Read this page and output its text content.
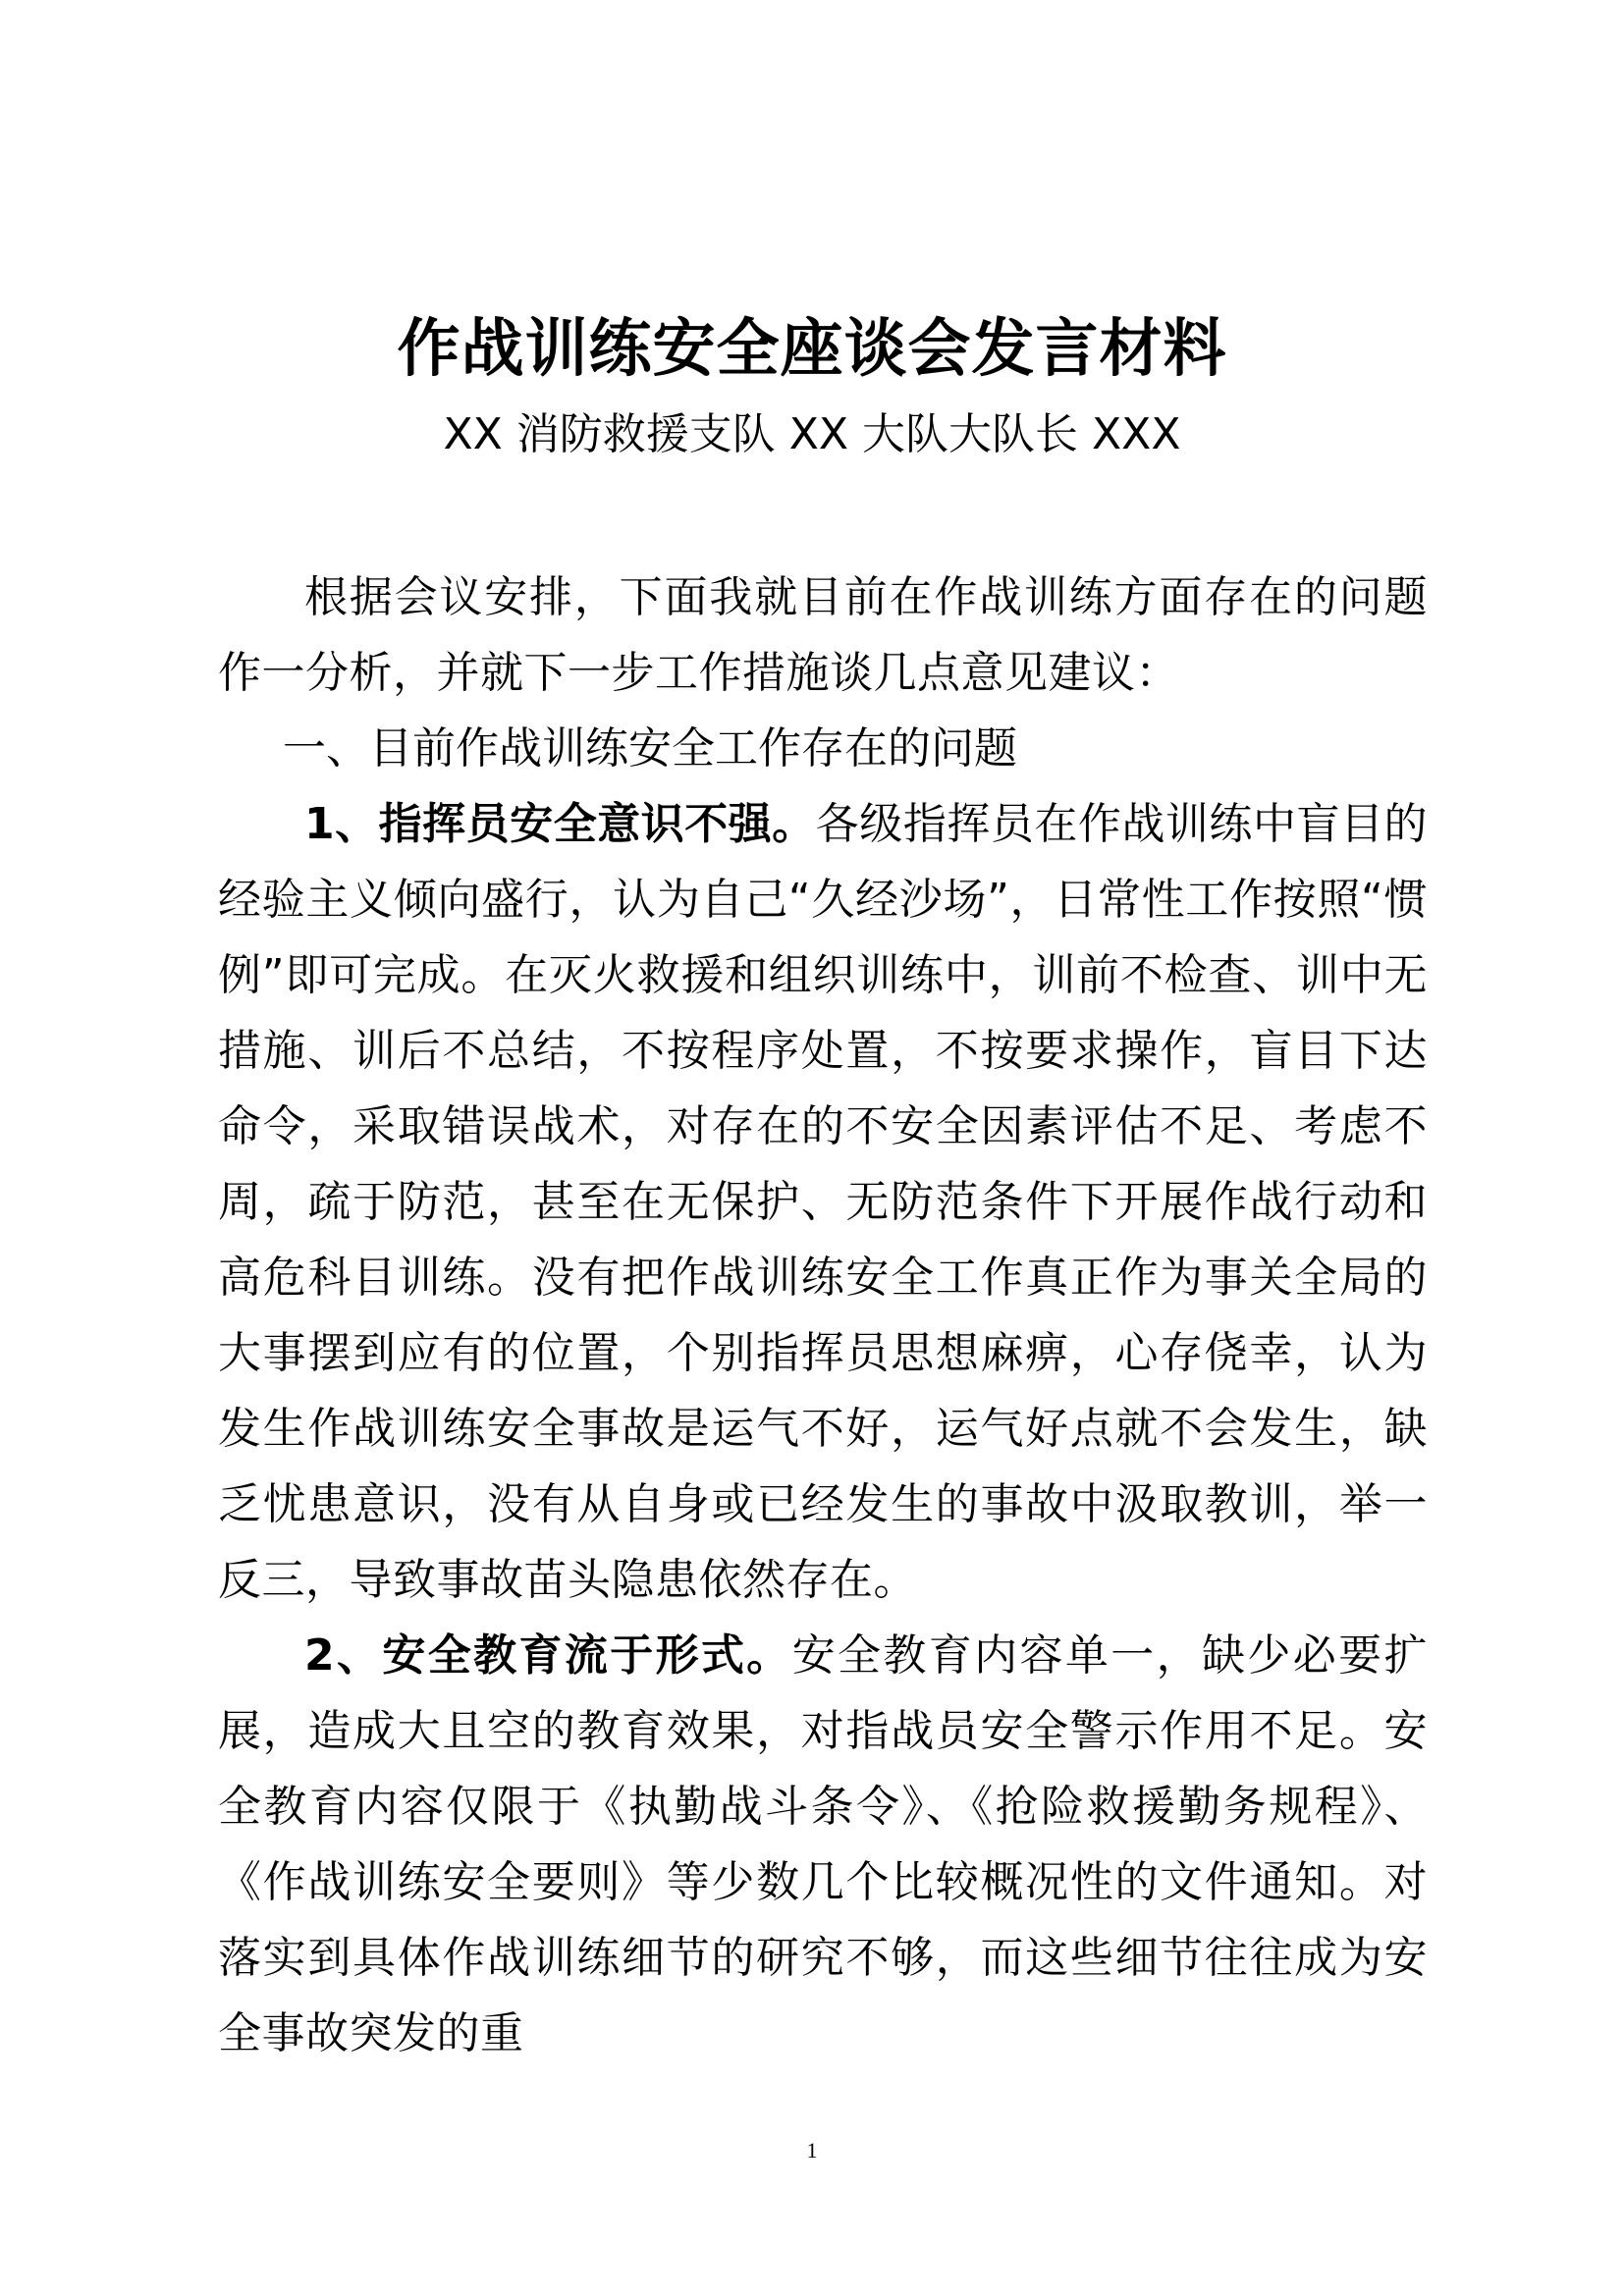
作战训练安全座谈会发言材料

XX 消防救援支队 XX 大队大队长 XXX

根据会议安排，下面我就目前在作战训练方面存在的问题作一分析，并就下一步工作措施谈几点意见建议：

一、目前作战训练安全工作存在的问题

1、指挥员安全意识不强。各级指挥员在作战训练中盲目的经验主义倾向盛行，认为自己“久经沙场”，日常性工作按照“惯例”即可完成。在灭火救援和组织训练中，训前不检查、训中无措施、训后不总结，不按程序处置，不按要求操作，盲目下达命令，采取错误战术，对存在的不安全因素评估不足、考虑不周，疏于防范，甚至在无保护、无防范条件下开展作战行动和高危科目训练。没有把作战训练安全工作真正作为事关全局的大事摆到应有的位置，个别指挥员思想麻痹，心存侥幸，认为发生作战训练安全事故是运气不好，运气好点就不会发生，缺乏忧患意识，没有从自身或已经发生的事故中汲取教训，举一反三，导致事故苗头隐患依然存在。

2、安全教育流于形式。安全教育内容单一，缺少必要扩展，造成大且空的教育效果，对指战员安全警示作用不足。安全教育内容仅限于《执勤战斗条令》、《抢险救援勤务规程》、《作战训练安全要则》等少数几个比较概况性的文件通知。对落实到具体作战训练细节的研究不够，而这些细节往往成为安全事故突发的重

1
